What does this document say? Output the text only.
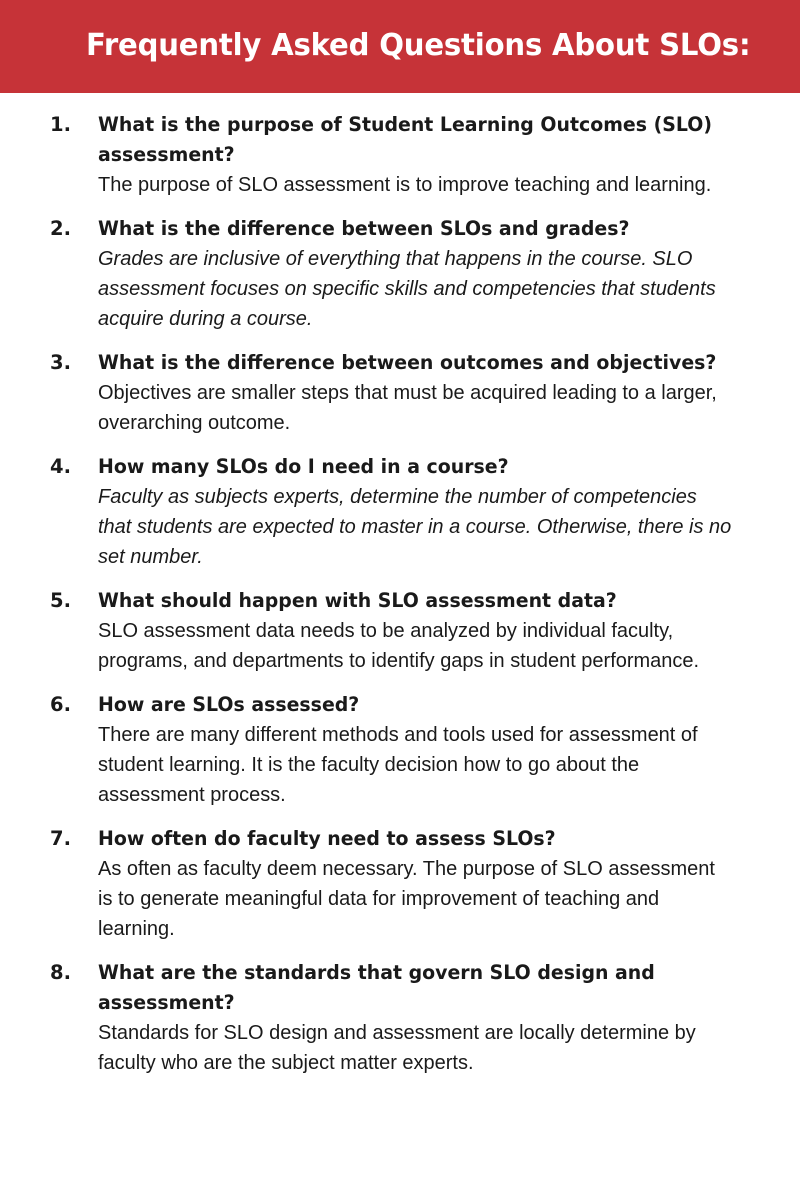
Frequently Asked Questions About SLOs:
1.	What is the purpose of Student Learning Outcomes (SLO) assessment?

The purpose of SLO assessment is to improve teaching and learning.

2.	What is the difference between SLOs and grades?

Grades are inclusive of everything that happens in the course. SLO assessment focuses on specific skills and competencies that students acquire during a course.

3.	What is the difference between outcomes and objectives?

Objectives are smaller steps that must be acquired leading to a larger, overarching outcome.

4.	How many SLOs do I need in a course?

Faculty as subjects experts, determine the number of competencies that students are expected to master in a course. Otherwise, there is no set number.

5.	What should happen with SLO assessment data?

SLO assessment data needs to be analyzed by individual faculty, programs, and departments to identify gaps in student performance.

6.	How are SLOs assessed?

There are many different methods and tools used for assessment of student learning. It is the faculty decision how to go about the assessment process.

7.	How often do faculty need to assess SLOs?

As often as faculty deem necessary. The purpose of SLO assessment is to generate meaningful data for improvement of teaching and learning.

8.	What are the standards that govern SLO design and assessment?

Standards for SLO design and assessment are locally determine by faculty who are the subject matter experts.
